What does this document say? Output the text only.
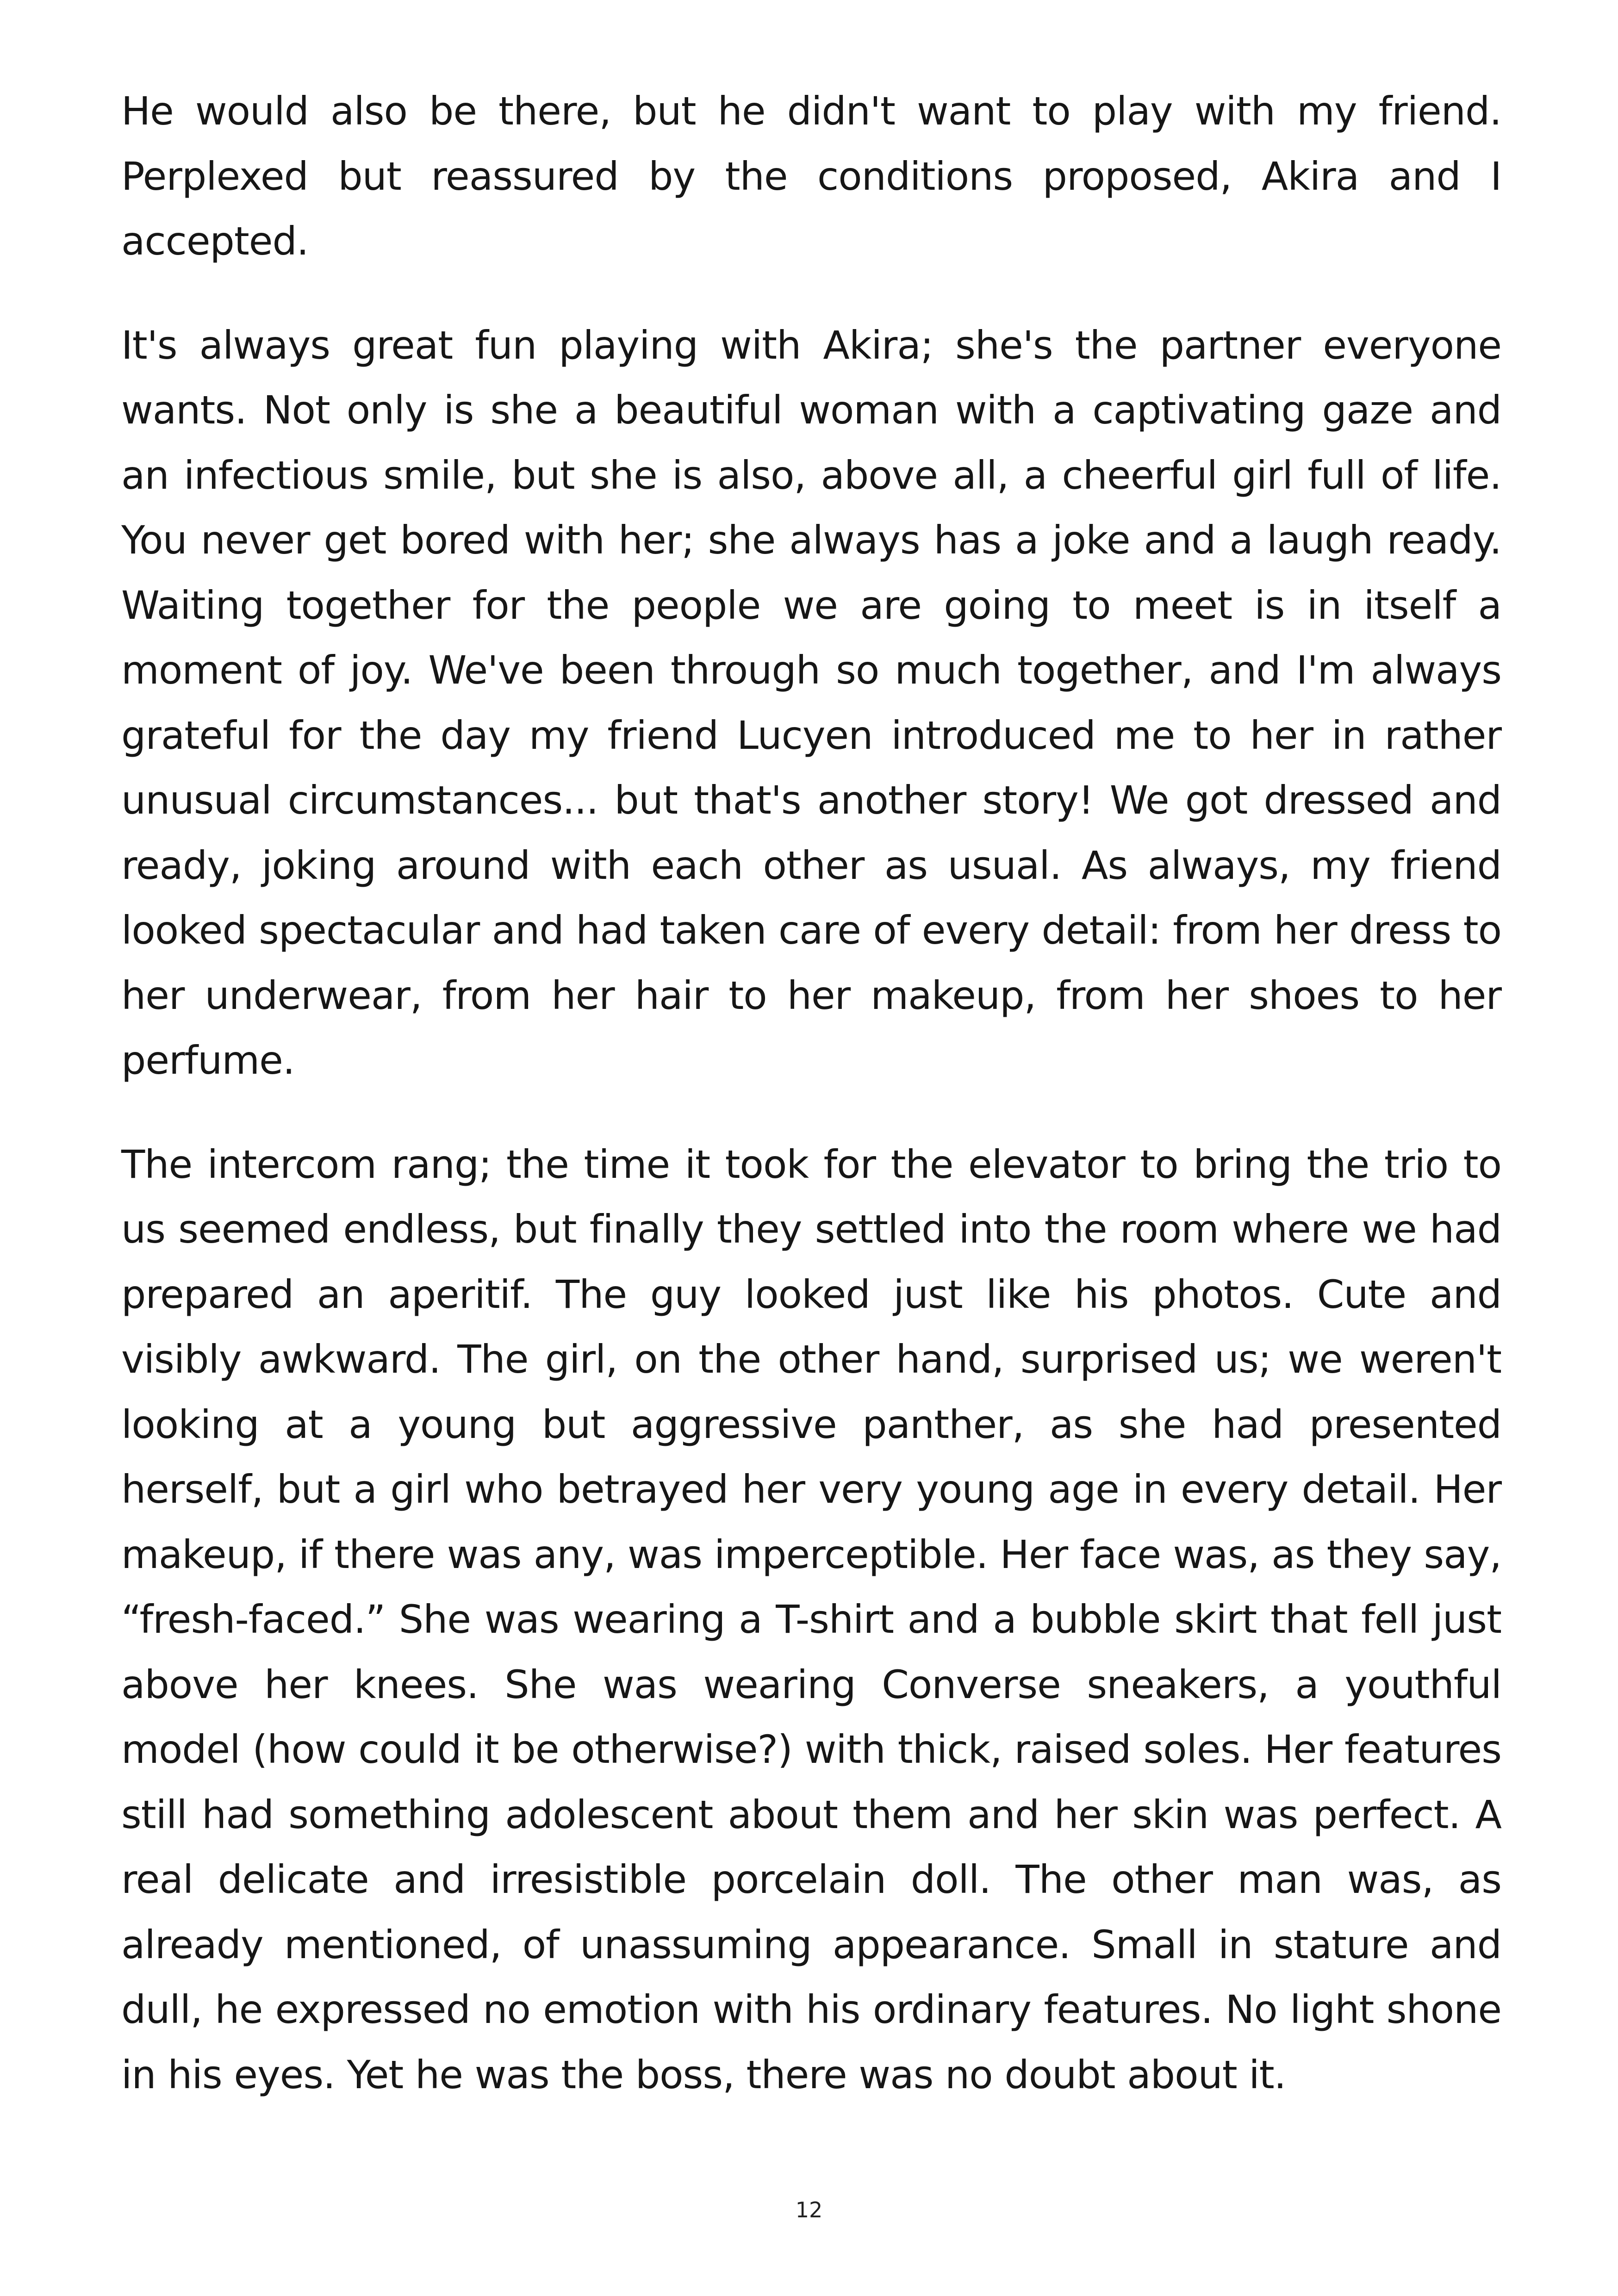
He would also be there, but he didn't want to play with my friend. Perplexed but reassured by the conditions proposed, Akira and I accepted.

It's always great fun playing with Akira; she's the partner everyone wants. Not only is she a beautiful woman with a captivating gaze and an infectious smile, but she is also, above all, a cheerful girl full of life. You never get bored with her; she always has a joke and a laugh ready. Waiting together for the people we are going to meet is in itself a moment of joy. We've been through so much together, and I'm always grateful for the day my friend Lucyen introduced me to her in rather unusual circumstances... but that's another story! We got dressed and ready, joking around with each other as usual. As always, my friend looked spectacular and had taken care of every detail: from her dress to her underwear, from her hair to her makeup, from her shoes to her perfume.

The intercom rang; the time it took for the elevator to bring the trio to us seemed endless, but finally they settled into the room where we had prepared an aperitif. The guy looked just like his photos. Cute and visibly awkward. The girl, on the other hand, surprised us; we weren't looking at a young but aggressive panther, as she had presented herself, but a girl who betrayed her very young age in every detail. Her makeup, if there was any, was imperceptible. Her face was, as they say, “fresh-faced.” She was wearing a T-shirt and a bubble skirt that fell just above her knees. She was wearing Converse sneakers, a youthful model (how could it be otherwise?) with thick, raised soles. Her features still had something adolescent about them and her skin was perfect. A real delicate and irresistible porcelain doll. The other man was, as already mentioned, of unassuming appearance. Small in stature and dull, he expressed no emotion with his ordinary features. No light shone in his eyes. Yet he was the boss, there was no doubt about it.

12
